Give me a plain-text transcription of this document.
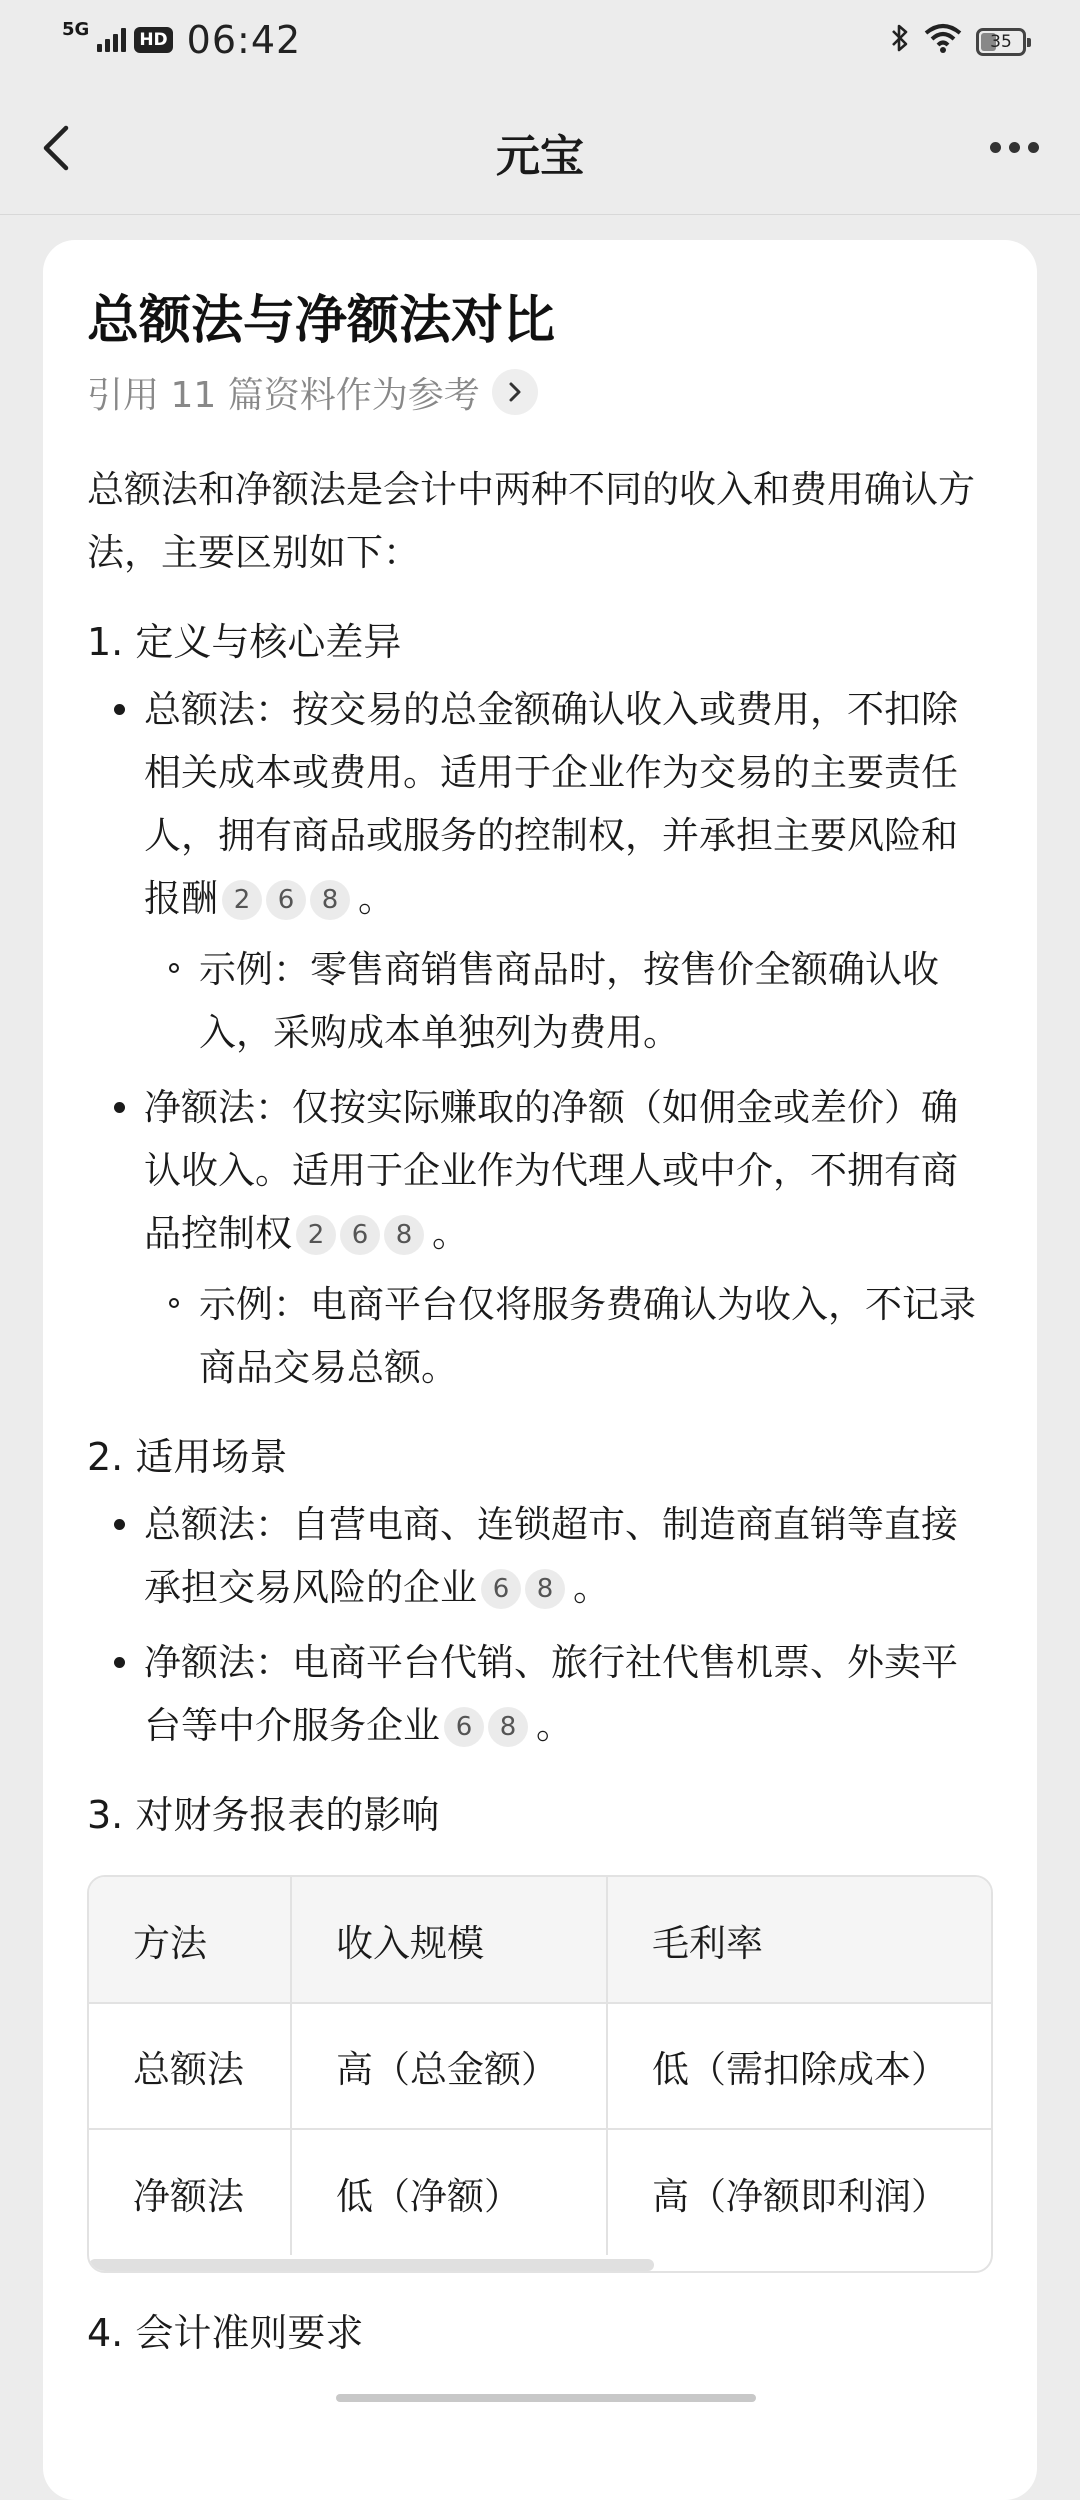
5G	HD 06:42	35
元宝
总额法与净额法对比
引用 11 篇资料作为参考

总额法和净额法是会计中两种不同的收入和费用确认方法，主要区别如下：

1. 定义与核心差异
总额法：按交易的总金额确认收入或费用，不扣除相关成本或费用。适用于企业作为交易的主要责任人，拥有商品或服务的控制权，并承担主要风险和报酬 2 6 8 。
示例：零售商销售商品时，按售价全额确认收入，采购成本单独列为费用。
净额法：仅按实际赚取的净额（如佣金或差价）确认收入。适用于企业作为代理人或中介，不拥有商品控制权 2 6 8 。
示例：电商平台仅将服务费确认为收入，不记录商品交易总额。
2. 适用场景
总额法：自营电商、连锁超市、制造商直销等直接承担交易风险的企业 6 8 。
净额法：电商平台代销、旅行社代售机票、外卖平台等中介服务企业 6 8 。
3. 对财务报表的影响
方法	收入规模	毛利率
总额法	高（总金额）	低（需扣除成本）
净额法	低（净额）	高（净额即利润）
4. 会计准则要求
